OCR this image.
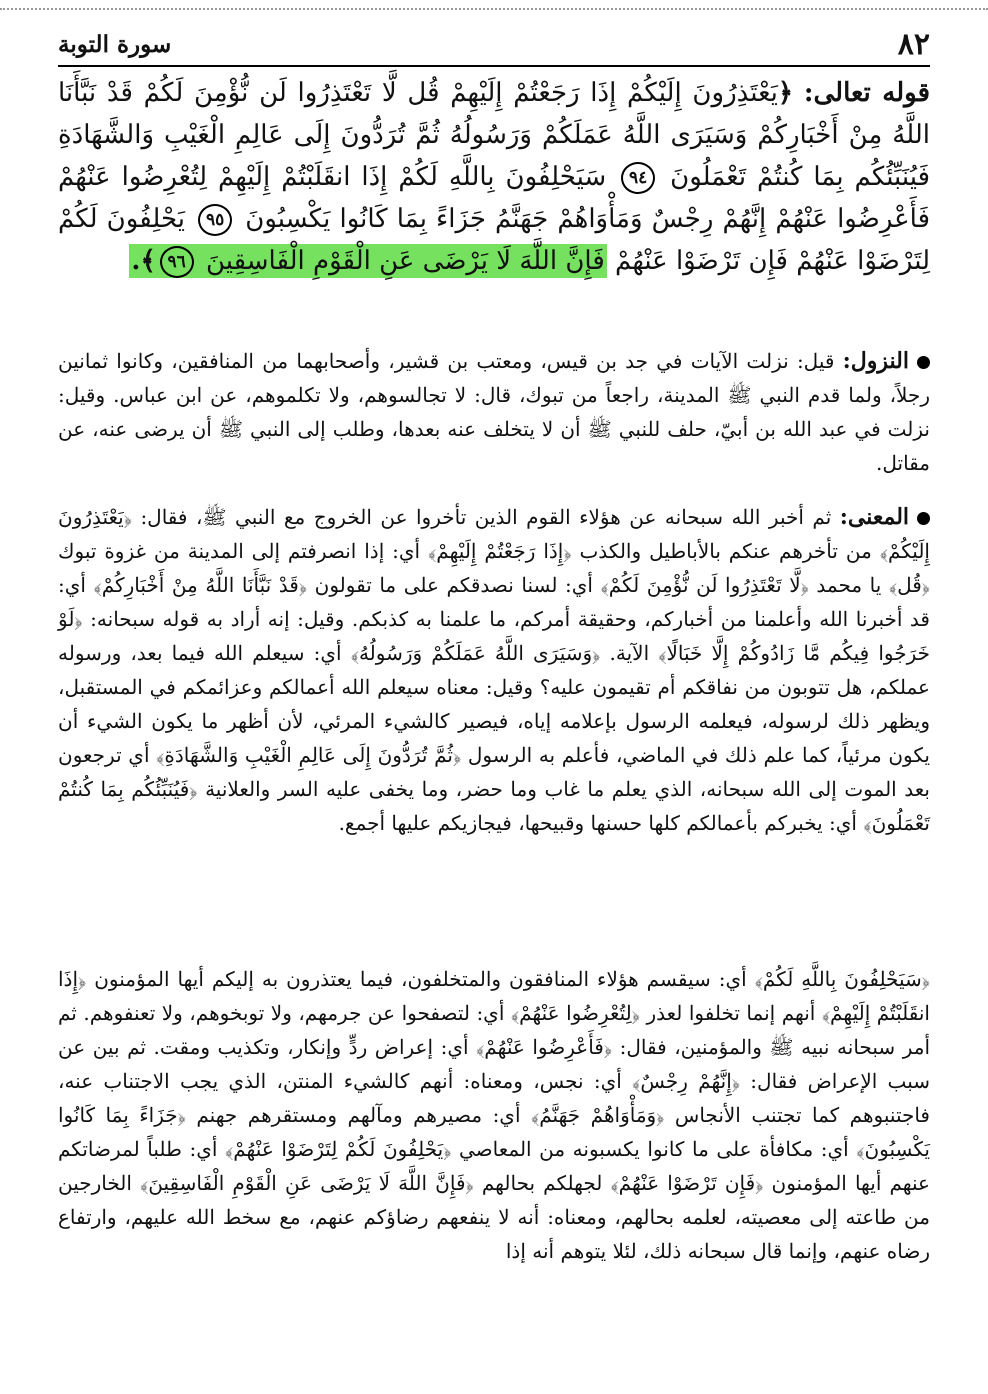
٨٢
سورة التوبة
قوله تعالى: ﴿يَعْتَذِرُونَ إِلَيْكُمْ إِذَا رَجَعْتُمْ إِلَيْهِمْ قُل لَّا تَعْتَذِرُوا لَن نُّؤْمِنَ لَكُمْ قَدْ نَبَّأَنَا اللَّهُ مِنْ أَخْبَارِكُمْ وَسَيَرَى اللَّهُ عَمَلَكُمْ وَرَسُولُهُ ثُمَّ تُرَدُّونَ إِلَى عَالِمِ الْغَيْبِ وَالشَّهَادَةِ فَيُنَبِّئُكُم بِمَا كُنتُمْ تَعْمَلُونَ ٩٤ سَيَحْلِفُونَ بِاللَّهِ لَكُمْ إِذَا انقَلَبْتُمْ إِلَيْهِمْ لِتُعْرِضُوا عَنْهُمْ فَأَعْرِضُوا عَنْهُمْ إِنَّهُمْ رِجْسٌ وَمَأْوَاهُمْ جَهَنَّمُ جَزَاءً بِمَا كَانُوا يَكْسِبُونَ ٩٥ يَحْلِفُونَ لَكُمْ لِتَرْضَوْا عَنْهُمْ فَإِن تَرْضَوْا عَنْهُمْ فَإِنَّ اللَّهَ لَا يَرْضَى عَنِ الْقَوْمِ الْفَاسِقِينَ ٩٦﴾.

النزول: قيل: نزلت الآيات في جد بن قيس، ومعتب بن قشير، وأصحابهما من المنافقين، وكانوا ثمانين رجلاً، ولما قدم النبي ﷺ المدينة، راجعاً من تبوك، قال: لا تجالسوهم، ولا تكلموهم، عن ابن عباس. وقيل: نزلت في عبد الله بن أبيّ، حلف للنبي ﷺ أن لا يتخلف عنه بعدها، وطلب إلى النبي ﷺ أن يرضى عنه، عن مقاتل.

المعنى: ثم أخبر الله سبحانه عن هؤلاء القوم الذين تأخروا عن الخروج مع النبي ﷺ، فقال: ﴿يَعْتَذِرُونَ إِلَيْكُمْ﴾ من تأخرهم عنكم بالأباطيل والكذب ﴿إِذَا رَجَعْتُمْ إِلَيْهِمْ﴾ أي: إذا انصرفتم إلى المدينة من غزوة تبوك ﴿قُل﴾ يا محمد ﴿لَّا تَعْتَذِرُوا لَن نُّؤْمِنَ لَكُمْ﴾ أي: لسنا نصدقكم على ما تقولون ﴿قَدْ نَبَّأَنَا اللَّهُ مِنْ أَخْبَارِكُمْ﴾ أي: قد أخبرنا الله وأعلمنا من أخباركم، وحقيقة أمركم، ما علمنا به كذبكم. وقيل: إنه أراد به قوله سبحانه: ﴿لَوْ خَرَجُوا فِيكُم مَّا زَادُوكُمْ إِلَّا خَبَالًا﴾ الآية. ﴿وَسَيَرَى اللَّهُ عَمَلَكُمْ وَرَسُولُهُ﴾ أي: سيعلم الله فيما بعد، ورسوله عملكم، هل تتوبون من نفاقكم أم تقيمون عليه؟ وقيل: معناه سيعلم الله أعمالكم وعزائمكم في المستقبل، ويظهر ذلك لرسوله، فيعلمه الرسول بإعلامه إياه، فيصير كالشيء المرئي، لأن أظهر ما يكون الشيء أن يكون مرئياً، كما علم ذلك في الماضي، فأعلم به الرسول ﴿ثُمَّ تُرَدُّونَ إِلَى عَالِمِ الْغَيْبِ وَالشَّهَادَةِ﴾ أي ترجعون بعد الموت إلى الله سبحانه، الذي يعلم ما غاب وما حضر، وما يخفى عليه السر والعلانية ﴿فَيُنَبِّئُكُم بِمَا كُنتُمْ تَعْمَلُونَ﴾ أي: يخبركم بأعمالكم كلها حسنها وقبيحها، فيجازيكم عليها أجمع.

﴿سَيَحْلِفُونَ بِاللَّهِ لَكُمْ﴾ أي: سيقسم هؤلاء المنافقون والمتخلفون، فيما يعتذرون به إليكم أيها المؤمنون ﴿إِذَا انقَلَبْتُمْ إِلَيْهِمْ﴾ أنهم إنما تخلفوا لعذر ﴿لِتُعْرِضُوا عَنْهُمْ﴾ أي: لتصفحوا عن جرمهم، ولا توبخوهم، ولا تعنفوهم. ثم أمر سبحانه نبيه ﷺ والمؤمنين، فقال: ﴿فَأَعْرِضُوا عَنْهُمْ﴾ أي: إعراض ردٍّ وإنكار، وتكذيب ومقت. ثم بين عن سبب الإعراض فقال: ﴿إِنَّهُمْ رِجْسٌ﴾ أي: نجس، ومعناه: أنهم كالشيء المنتن، الذي يجب الاجتناب عنه، فاجتنبوهم كما تجتنب الأنجاس ﴿وَمَأْوَاهُمْ جَهَنَّمُ﴾ أي: مصيرهم ومآلهم ومستقرهم جهنم ﴿جَزَاءً بِمَا كَانُوا يَكْسِبُونَ﴾ أي: مكافأة على ما كانوا يكسبونه من المعاصي ﴿يَحْلِفُونَ لَكُمْ لِتَرْضَوْا عَنْهُمْ﴾ أي: طلباً لمرضاتكم عنهم أيها المؤمنون ﴿فَإِن تَرْضَوْا عَنْهُمْ﴾ لجهلكم بحالهم ﴿فَإِنَّ اللَّهَ لَا يَرْضَى عَنِ الْقَوْمِ الْفَاسِقِينَ﴾ الخارجين من طاعته إلى معصيته، لعلمه بحالهم، ومعناه: أنه لا ينفعهم رضاؤكم عنهم، مع سخط الله عليهم، وارتفاع رضاه عنهم، وإنما قال سبحانه ذلك، لئلا يتوهم أنه إذا
